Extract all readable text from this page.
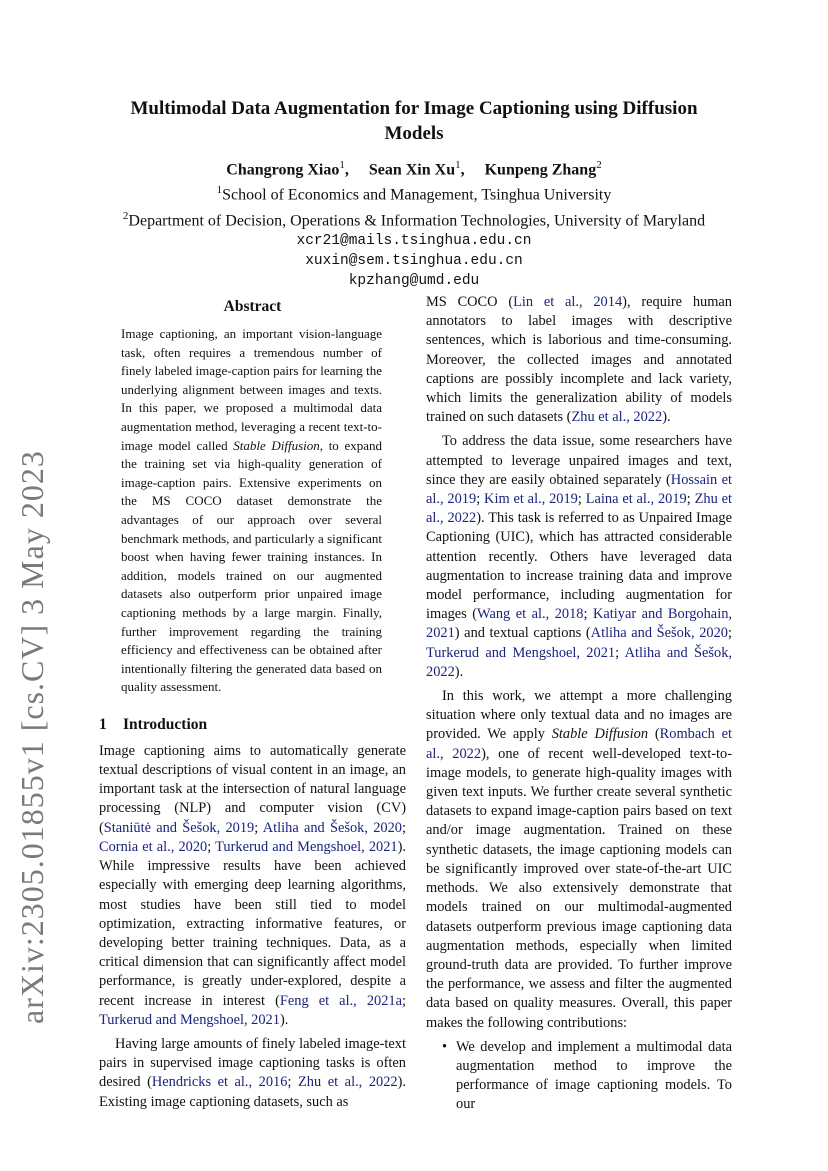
arXiv:2305.01855v1 [cs.CV] 3 May 2023
Multimodal Data Augmentation for Image Captioning using Diffusion Models
Changrong Xiao$^1$,     Sean Xin Xu$^1$,     Kunpeng Zhang$^2$
$^1$School of Economics and Management, Tsinghua University
$^2$Department of Decision, Operations & Information Technologies, University of Maryland
xcr21@mails.tsinghua.edu.cn
xuxin@sem.tsinghua.edu.cn
kpzhang@umd.edu
Abstract
Image captioning, an important vision-language task, often requires a tremendous number of finely labeled image-caption pairs for learning the underlying alignment between images and texts. In this paper, we proposed a multimodal data augmentation method, leveraging a recent text-to-image model called Stable Diffusion, to expand the training set via high-quality generation of image-caption pairs. Extensive experiments on the MS COCO dataset demonstrate the advantages of our approach over several benchmark methods, and particularly a significant boost when having fewer training instances. In addition, models trained on our augmented datasets also outperform prior unpaired image captioning methods by a large margin. Finally, further improvement regarding the training efficiency and effectiveness can be obtained after intentionally filtering the generated data based on quality assessment.
1 Introduction

Image captioning aims to automatically generate textual descriptions of visual content in an image, an important task at the intersection of natural language processing (NLP) and computer vision (CV) (Staniūtė and Šešok, 2019; Atliha and Šešok, 2020; Cornia et al., 2020; Turkerud and Mengshoel, 2021). While impressive results have been achieved especially with emerging deep learning algorithms, most studies have been still tied to model optimization, extracting informative features, or developing better training techniques. Data, as a critical dimension that can significantly affect model performance, is greatly under-explored, despite a recent increase in interest (Feng et al., 2021a; Turkerud and Mengshoel, 2021).

Having large amounts of finely labeled image-text pairs in supervised image captioning tasks is often desired (Hendricks et al., 2016; Zhu et al., 2022). Existing image captioning datasets, such as

MS COCO (Lin et al., 2014), require human annotators to label images with descriptive sentences, which is laborious and time-consuming. Moreover, the collected images and annotated captions are possibly incomplete and lack variety, which limits the generalization ability of models trained on such datasets (Zhu et al., 2022).

To address the data issue, some researchers have attempted to leverage unpaired images and text, since they are easily obtained separately (Hossain et al., 2019; Kim et al., 2019; Laina et al., 2019; Zhu et al., 2022). This task is referred to as Unpaired Image Captioning (UIC), which has attracted considerable attention recently. Others have leveraged data augmentation to increase training data and improve model performance, including augmentation for images (Wang et al., 2018; Katiyar and Borgohain, 2021) and textual captions (Atliha and Šešok, 2020; Turkerud and Mengshoel, 2021; Atliha and Šešok, 2022).

In this work, we attempt a more challenging situation where only textual data and no images are provided. We apply Stable Diffusion (Rombach et al., 2022), one of recent well-developed text-to-image models, to generate high-quality images with given text inputs. We further create several synthetic datasets to expand image-caption pairs based on text and/or image augmentation. Trained on these synthetic datasets, the image captioning models can be significantly improved over state-of-the-art UIC methods. We also extensively demonstrate that models trained on our multimodal-augmented datasets outperform previous image captioning data augmentation methods, especially when limited ground-truth data are provided. To further improve the performance, we assess and filter the augmented data based on quality measures. Overall, this paper makes the following contributions:

• We develop and implement a multimodal data augmentation method to improve the performance of image captioning models. To our
